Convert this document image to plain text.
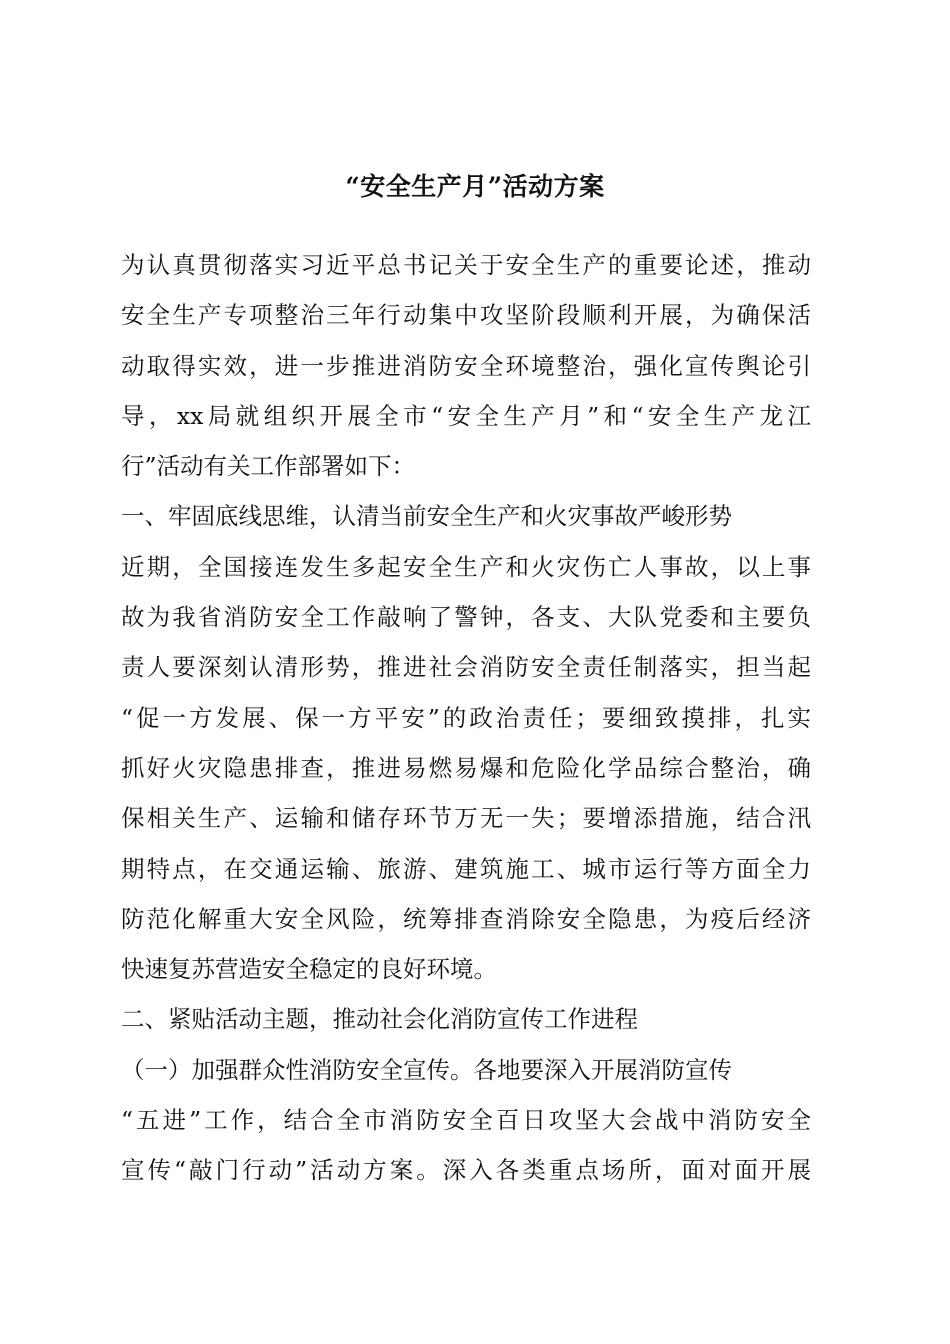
“安全生产月”活动方案
为认真贯彻落实习近平总书记关于安全生产的重要论述，推动
安全生产专项整治三年行动集中攻坚阶段顺利开展，为确保活
动取得实效，进一步推进消防安全环境整治，强化宣传舆论引
导，xx局就组织开展全市“安全生产月”和“安全生产龙江
行”活动有关工作部署如下：
一、牢固底线思维，认清当前安全生产和火灾事故严峻形势
近期，全国接连发生多起安全生产和火灾伤亡人事故，以上事
故为我省消防安全工作敲响了警钟，各支、大队党委和主要负
责人要深刻认清形势，推进社会消防安全责任制落实，担当起
“促一方发展、保一方平安”的政治责任；要细致摸排，扎实
抓好火灾隐患排查，推进易燃易爆和危险化学品综合整治，确
保相关生产、运输和储存环节万无一失；要增添措施，结合汛
期特点，在交通运输、旅游、建筑施工、城市运行等方面全力
防范化解重大安全风险，统筹排查消除安全隐患，为疫后经济
快速复苏营造安全稳定的良好环境。
二、紧贴活动主题，推动社会化消防宣传工作进程
（一）加强群众性消防安全宣传。各地要深入开展消防宣传
“五进”工作，结合全市消防安全百日攻坚大会战中消防安全
宣传“敲门行动”活动方案。深入各类重点场所，面对面开展
